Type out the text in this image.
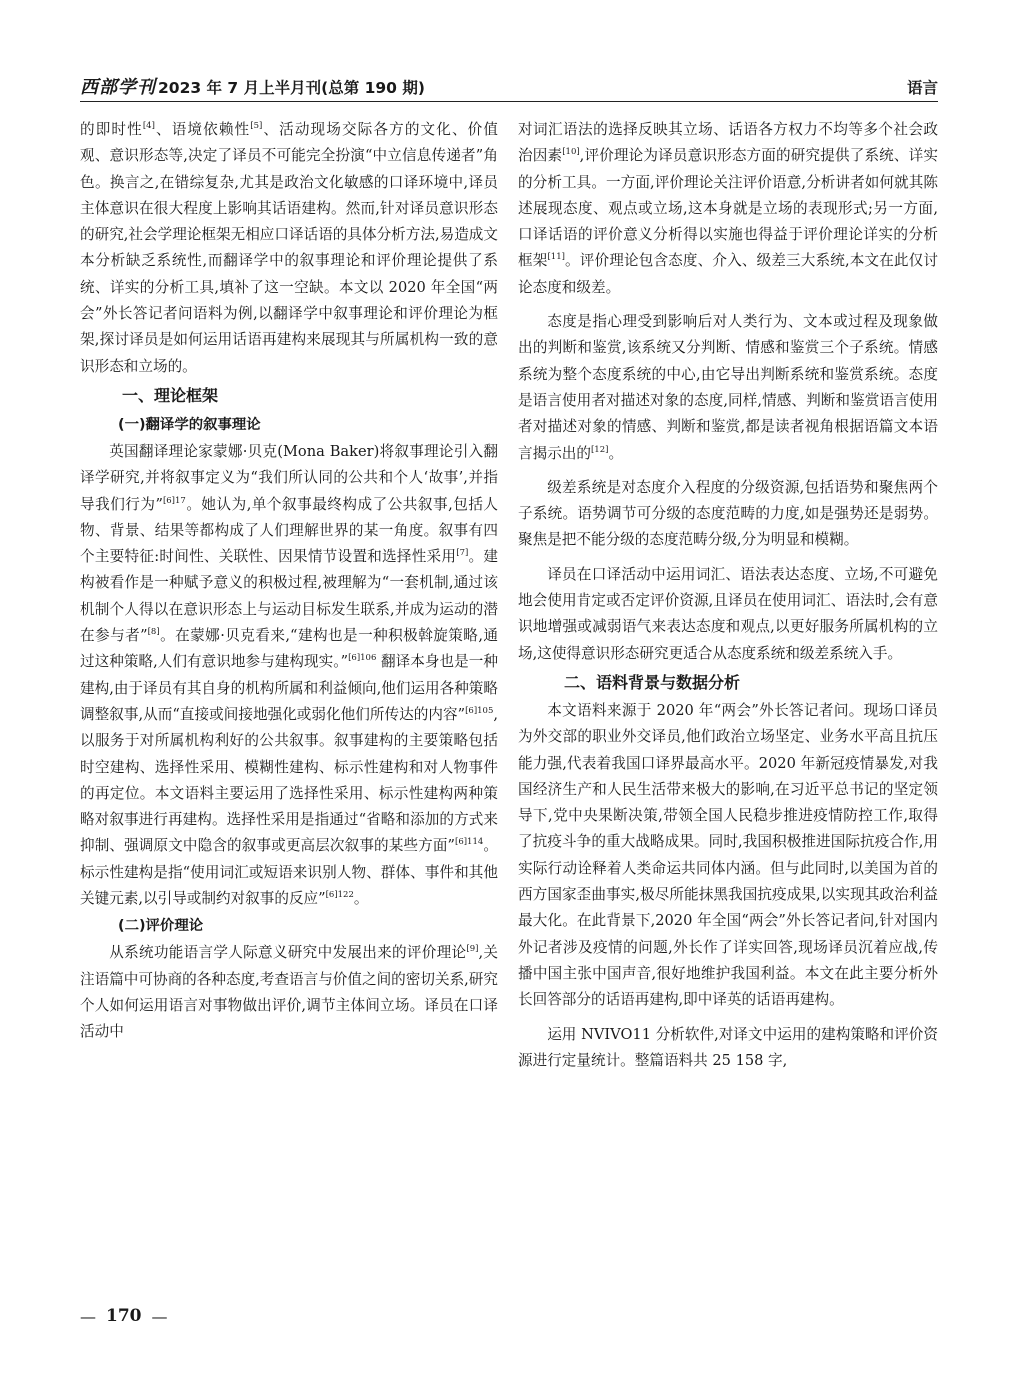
西部学刊 2023 年 7 月上半月刊(总第 190 期)	语言

的即时性[4]、语境依赖性[5]、活动现场交际各方的文化、价值观、意识形态等,决定了译员不可能完全扮演“中立信息传递者”角色。换言之,在错综复杂,尤其是政治文化敏感的口译环境中,译员主体意识在很大程度上影响其话语建构。然而,针对译员意识形态的研究,社会学理论框架无相应口译话语的具体分析方法,易造成文本分析缺乏系统性,而翻译学中的叙事理论和评价理论提供了系统、详实的分析工具,填补了这一空缺。本文以 2020 年全国“两会”外长答记者问语料为例,以翻译学中叙事理论和评价理论为框架,探讨译员是如何运用话语再建构来展现其与所属机构一致的意识形态和立场的。

一、理论框架
(一)翻译学的叙事理论

英国翻译理论家蒙娜·贝克(Mona Baker)将叙事理论引入翻译学研究,并将叙事定义为“我们所认同的公共和个人‘故事’,并指导我们行为”$^{[6]17}$。她认为,单个叙事最终构成了公共叙事,包括人物、背景、结果等都构成了人们理解世界的某一角度。叙事有四个主要特征:时间性、关联性、因果情节设置和选择性采用[7]。建构被看作是一种赋予意义的积极过程,被理解为“一套机制,通过该机制个人得以在意识形态上与运动目标发生联系,并成为运动的潜在参与者”[8]。在蒙娜·贝克看来,“建构也是一种积极斡旋策略,通过这种策略,人们有意识地参与建构现实。”$^{[6]106}$ 翻译本身也是一种建构,由于译员有其自身的机构所属和利益倾向,他们运用各种策略调整叙事,从而“直接或间接地强化或弱化他们所传达的内容”$^{[6]105}$,以服务于对所属机构利好的公共叙事。叙事建构的主要策略包括时空建构、选择性采用、模糊性建构、标示性建构和对人物事件的再定位。本文语料主要运用了选择性采用、标示性建构两种策略对叙事进行再建构。选择性采用是指通过“省略和添加的方式来抑制、强调原文中隐含的叙事或更高层次叙事的某些方面”$^{[6]114}$。标示性建构是指“使用词汇或短语来识别人物、群体、事件和其他关键元素,以引导或制约对叙事的反应”$^{[6]122}$。

(二)评价理论

从系统功能语言学人际意义研究中发展出来的评价理论[9],关注语篇中可协商的各种态度,考查语言与价值之间的密切关系,研究个人如何运用语言对事物做出评价,调节主体间立场。译员在口译活动中

对词汇语法的选择反映其立场、话语各方权力不均等多个社会政治因素[10],评价理论为译员意识形态方面的研究提供了系统、详实的分析工具。一方面,评价理论关注评价语意,分析讲者如何就其陈述展现态度、观点或立场,这本身就是立场的表现形式;另一方面,口译话语的评价意义分析得以实施也得益于评价理论详实的分析框架[11]。评价理论包含态度、介入、级差三大系统,本文在此仅讨论态度和级差。

态度是指心理受到影响后对人类行为、文本或过程及现象做出的判断和鉴赏,该系统又分判断、情感和鉴赏三个子系统。情感系统为整个态度系统的中心,由它导出判断系统和鉴赏系统。态度是语言使用者对描述对象的态度,同样,情感、判断和鉴赏语言使用者对描述对象的情感、判断和鉴赏,都是读者视角根据语篇文本语言揭示出的[12]。

级差系统是对态度介入程度的分级资源,包括语势和聚焦两个子系统。语势调节可分级的态度范畴的力度,如是强势还是弱势。聚焦是把不能分级的态度范畴分级,分为明显和模糊。

译员在口译活动中运用词汇、语法表达态度、立场,不可避免地会使用肯定或否定评价资源,且译员在使用词汇、语法时,会有意识地增强或减弱语气来表达态度和观点,以更好服务所属机构的立场,这使得意识形态研究更适合从态度系统和级差系统入手。

二、语料背景与数据分析

本文语料来源于 2020 年“两会”外长答记者问。现场口译员为外交部的职业外交译员,他们政治立场坚定、业务水平高且抗压能力强,代表着我国口译界最高水平。2020 年新冠疫情暴发,对我国经济生产和人民生活带来极大的影响,在习近平总书记的坚定领导下,党中央果断决策,带领全国人民稳步推进疫情防控工作,取得了抗疫斗争的重大战略成果。同时,我国积极推进国际抗疫合作,用实际行动诠释着人类命运共同体内涵。但与此同时,以美国为首的西方国家歪曲事实,极尽所能抹黑我国抗疫成果,以实现其政治利益最大化。在此背景下,2020 年全国“两会”外长答记者问,针对国内外记者涉及疫情的问题,外长作了详实回答,现场译员沉着应战,传播中国主张中国声音,很好地维护我国利益。本文在此主要分析外长回答部分的话语再建构,即中译英的话语再建构。

运用 NVIVO11 分析软件,对译文中运用的建构策略和评价资源进行定量统计。整篇语料共 25 158 字,

— 170 —
